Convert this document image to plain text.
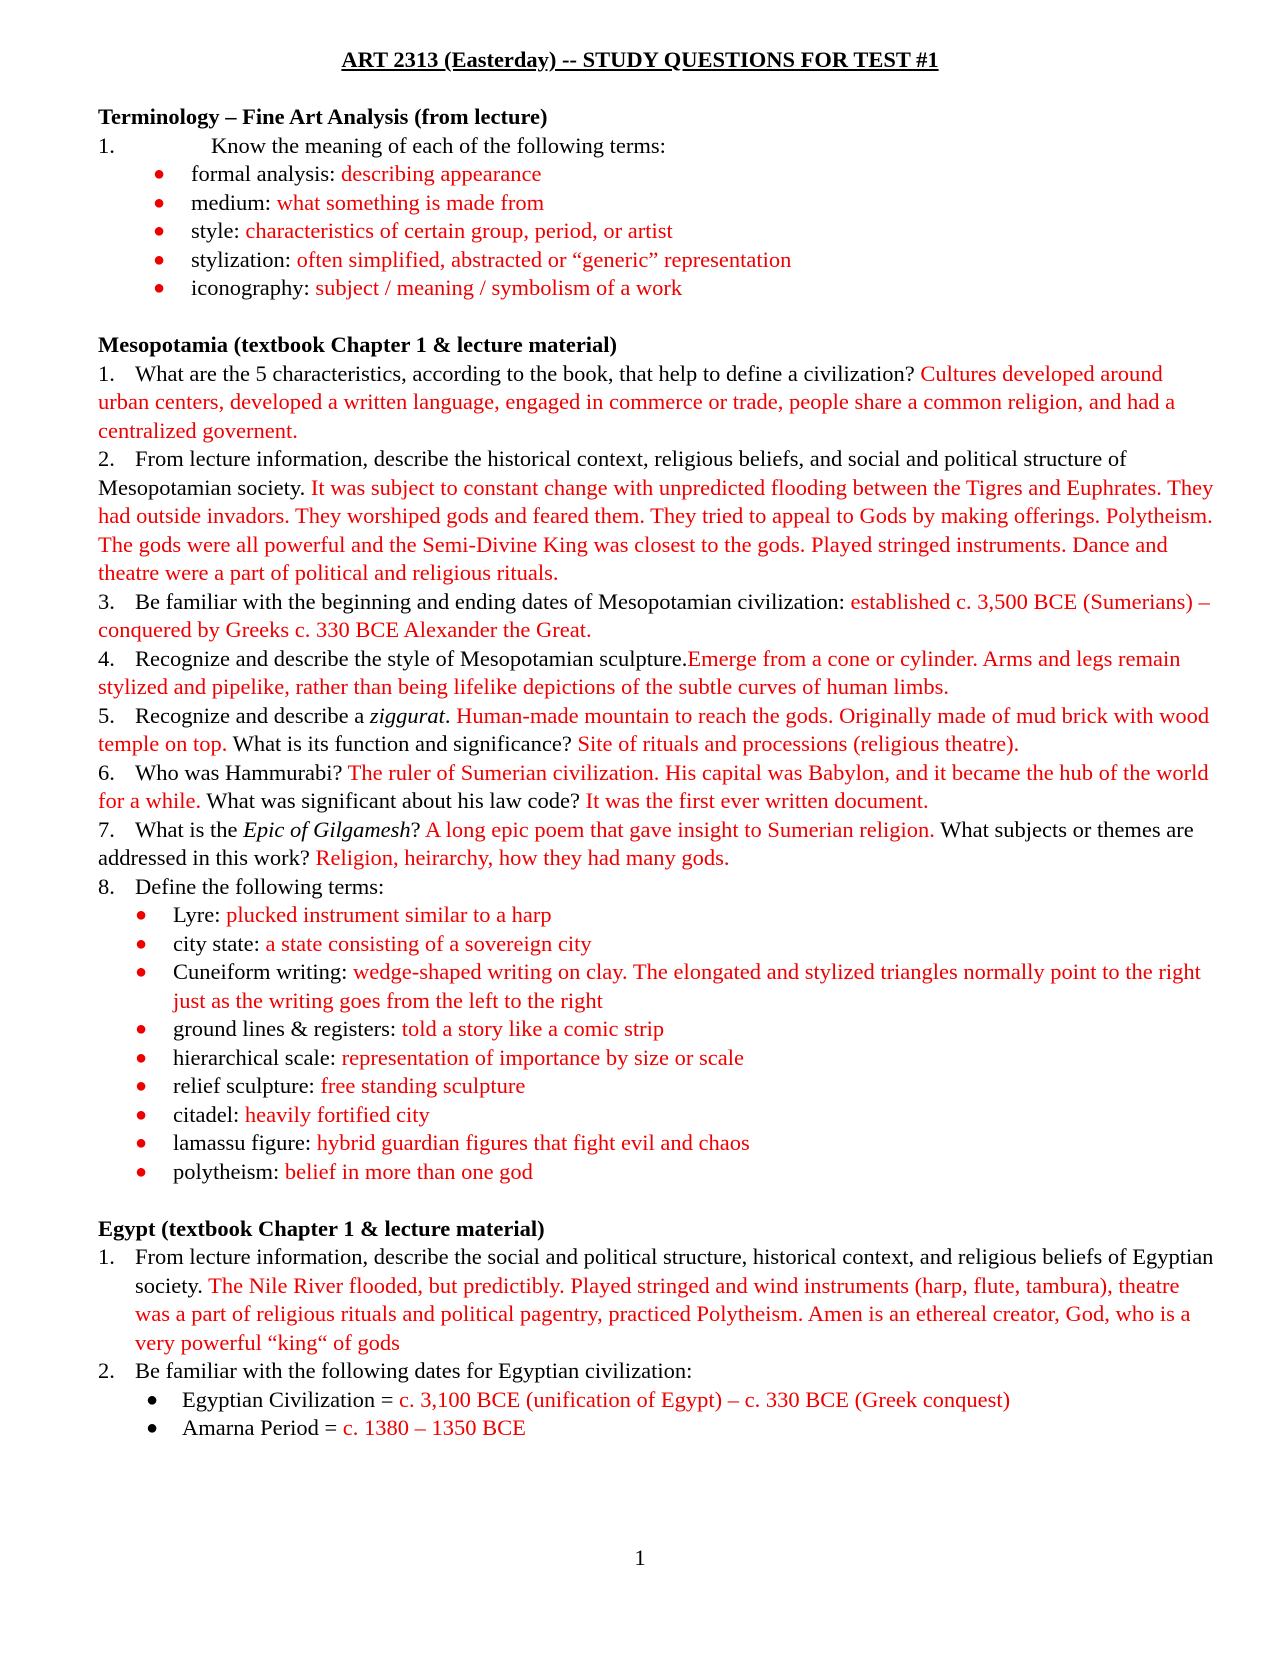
ART 2313 (Easterday) -- STUDY QUESTIONS FOR TEST #1
Terminology – Fine Art Analysis (from lecture)

1.	Know the meaning of each of the following terms:

● formal analysis: describing appearance
● medium: what something is made from
● style: characteristics of certain group, period, or artist
● stylization: often simplified, abstracted or “generic” representation
● iconography: subject / meaning / symbolism of a work
Mesopotamia (textbook Chapter 1 & lecture material)

1. What are the 5 characteristics, according to the book, that help to define a civilization? Cultures developed around urban centers, developed a written language, engaged in commerce or trade, people share a common religion, and had a centralized governent.

2. From lecture information, describe the historical context, religious beliefs, and social and political structure of Mesopotamian society. It was subject to constant change with unpredicted flooding between the Tigres and Euphrates. They had outside invadors. They worshiped gods and feared them. They tried to appeal to Gods by making offerings. Polytheism. The gods were all powerful and the Semi-Divine King was closest to the gods. Played stringed instruments. Dance and theatre were a part of political and religious rituals.

3. Be familiar with the beginning and ending dates of Mesopotamian civilization: established c. 3,500 BCE (Sumerians) – conquered by Greeks c. 330 BCE Alexander the Great.

4. Recognize and describe the style of Mesopotamian sculpture.Emerge from a cone or cylinder. Arms and legs remain stylized and pipelike, rather than being lifelike depictions of the subtle curves of human limbs.

5. Recognize and describe a ziggurat. Human-made mountain to reach the gods. Originally made of mud brick with wood temple on top. What is its function and significance? Site of rituals and processions (religious theatre).

6. Who was Hammurabi? The ruler of Sumerian civilization. His capital was Babylon, and it became the hub of the world for a while. What was significant about his law code? It was the first ever written document.

7. What is the Epic of Gilgamesh? A long epic poem that gave insight to Sumerian religion. What subjects or themes are addressed in this work? Religion, heirarchy, how they had many gods.

8. Define the following terms:

● Lyre: plucked instrument similar to a harp
● city state: a state consisting of a sovereign city
● Cuneiform writing: wedge-shaped writing on clay. The elongated and stylized triangles normally point to the right just as the writing goes from the left to the right
● ground lines & registers: told a story like a comic strip
● hierarchical scale: representation of importance by size or scale
● relief sculpture: free standing sculpture
● citadel: heavily fortified city
● lamassu figure: hybrid guardian figures that fight evil and chaos
● polytheism: belief in more than one god
Egypt (textbook Chapter 1 & lecture material)

1. From lecture information, describe the social and political structure, historical context, and religious beliefs of Egyptian society. The Nile River flooded, but predictibly. Played stringed and wind instruments (harp, flute, tambura), theatre was a part of religious rituals and political pagentry, practiced Polytheism. Amen is an ethereal creator, God, who is a very powerful “king“ of gods

2. Be familiar with the following dates for Egyptian civilization:

● Egyptian Civilization = c. 3,100 BCE (unification of Egypt) – c. 330 BCE (Greek conquest)
● Amarna Period = c. 1380 – 1350 BCE
1
